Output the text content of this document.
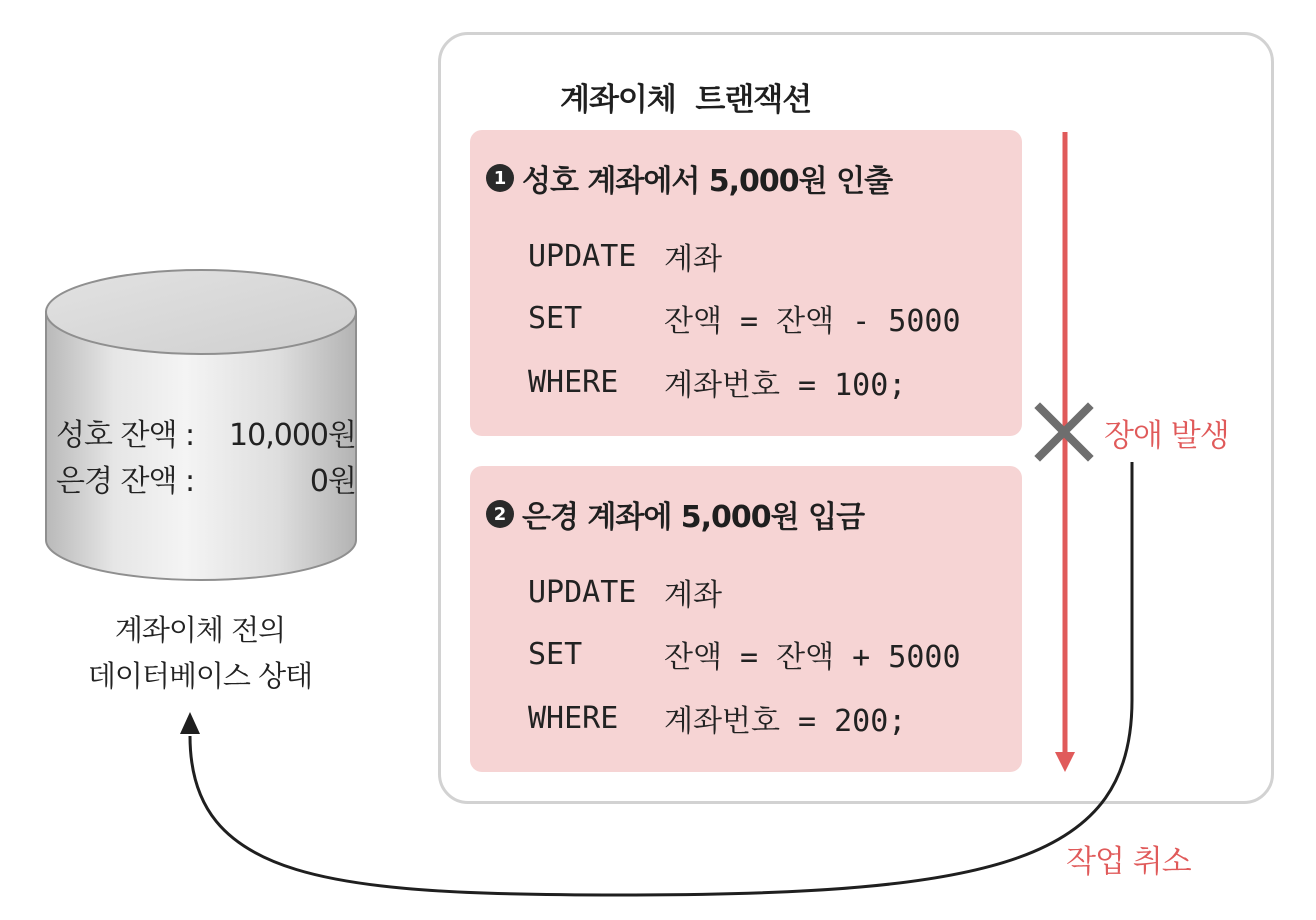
성호 잔액 : 10,000원
은경 잔액 :	0원
계좌이체 전의
데이터베이스 상태
계좌이체  트랜잭션
1 성호 계좌에서 5,000원 인출
UPDATE 계좌
SET	잔액 = 잔액 - 5000
WHERE	계좌번호 = 100;
2 은경 계좌에 5,000원 입금
UPDATE 계좌
SET	잔액 = 잔액 + 5000
WHERE	계좌번호 = 200;
장애 발생
작업 취소
